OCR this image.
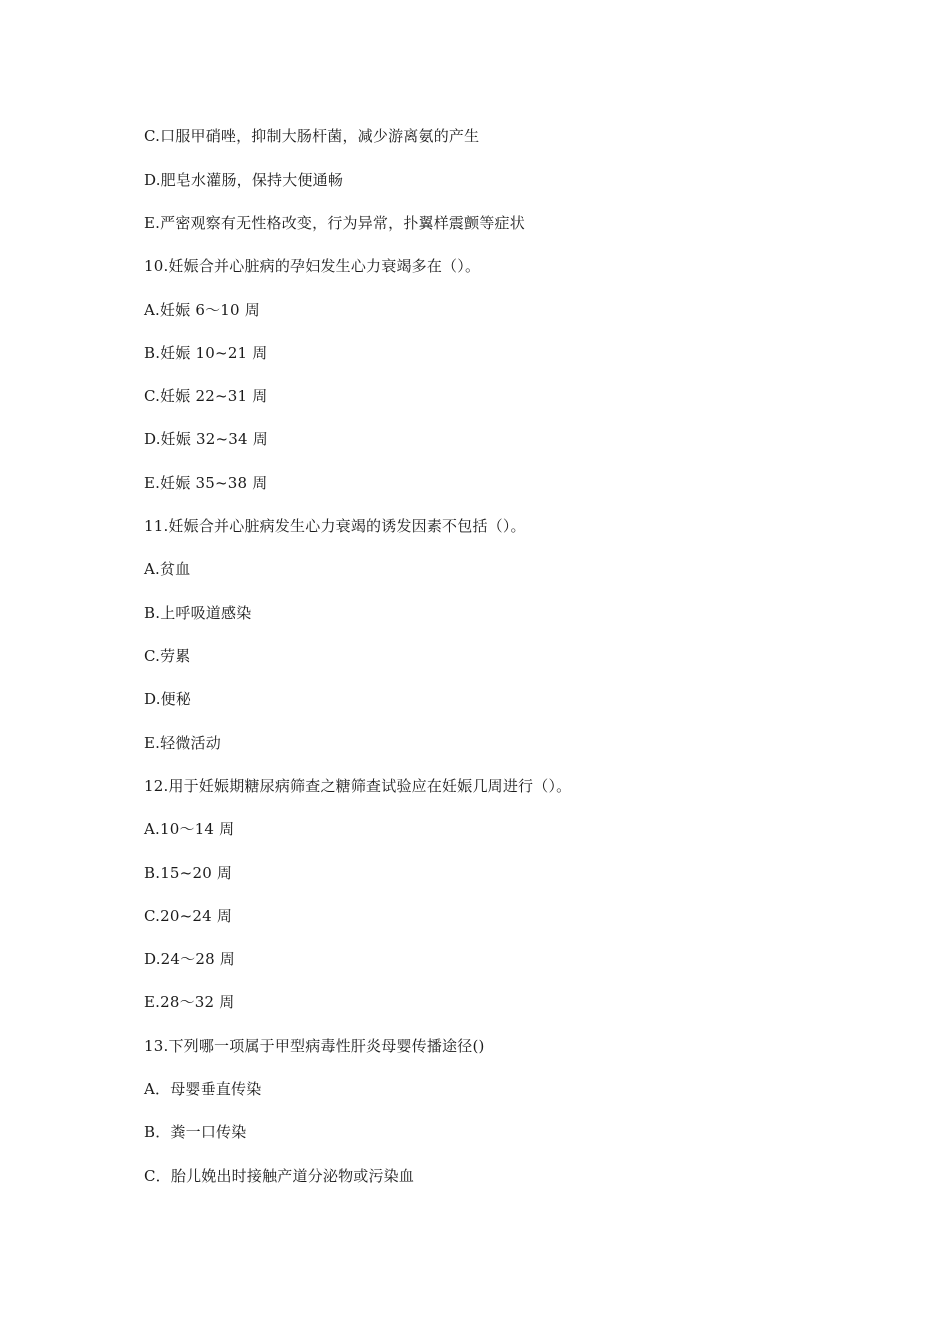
C.口服甲硝唑，抑制大肠杆菌，减少游离氨的产生
D.肥皂水灌肠，保持大便通畅
E.严密观察有无性格改变，行为异常，扑翼样震颤等症状
10.妊娠合并心脏病的孕妇发生心力衰竭多在（）。
A.妊娠 6～10 周
B.妊娠 10~21 周
C.妊娠 22~31 周
D.妊娠 32~34 周
E.妊娠 35~38 周
11.妊娠合并心脏病发生心力衰竭的诱发因素不包括（）。
A.贫血
B.上呼吸道感染
C.劳累
D.便秘
E.轻微活动
12.用于妊娠期糖尿病筛查之糖筛查试验应在妊娠几周进行（）。
A.10～14 周
B.15~20 周
C.20~24 周
D.24～28 周
E.28～32 周
13.下列哪一项属于甲型病毒性肝炎母婴传播途径()
A．母婴垂直传染
B．粪一口传染
C．胎儿娩出时接触产道分泌物或污染血
